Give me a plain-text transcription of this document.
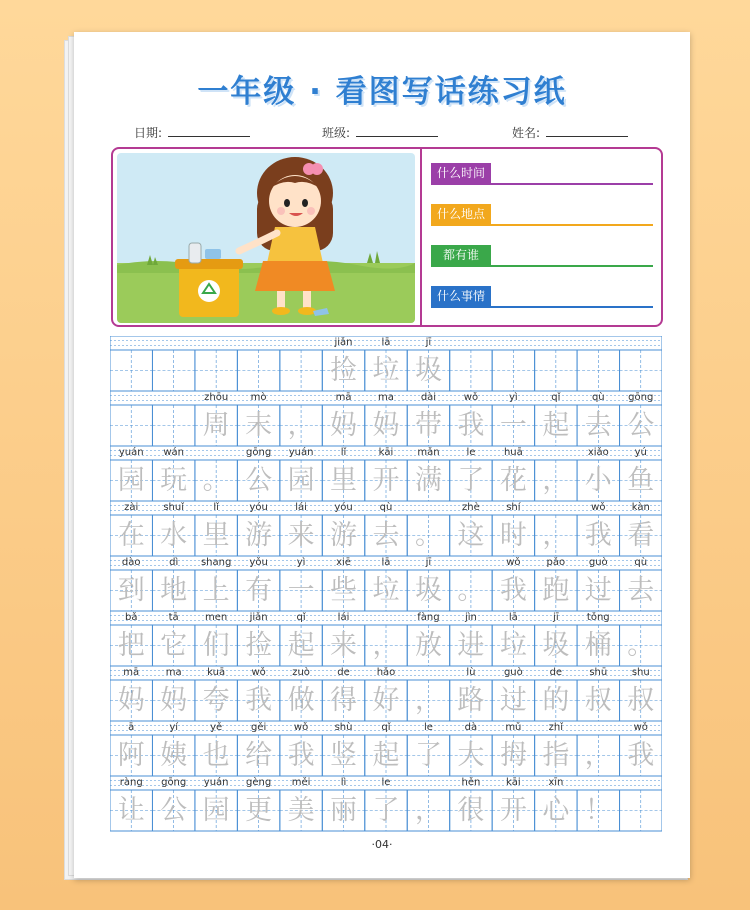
一年级 · 看图写话练习纸
日期:	班级:	姓名:
什么时间
什么地点
都有谁
什么事情
jiǎn
捡
lā
垃
jī
圾
zhōu
周
mò
末 ，
mā
妈
ma
妈
dài
带
wǒ
我
yì
一
qǐ
起
qù
去
gōng
公
yuán
园
wán
玩 。
gōng
公
yuán
园
lǐ
里
kāi
开
mǎn
满
le
了
huā
花 ，
xiǎo
小
yú
鱼
zài
在
shuǐ
水
lǐ
里
yóu
游
lái
来
yóu
游
qù
去 。
zhè
这
shí
时 ，
wǒ
我
kàn
看
dào
到
dì
地
shang
上
yǒu
有
yì
一
xiē
些
lā
垃
jī
圾 。
wǒ
我
pǎo
跑
guò
过
qù
去
bǎ
把
tā
它
men
们
jiǎn
捡
qǐ
起
lái
来 ，
fàng
放
jìn
进
lā
垃
jī
圾
tǒng
桶 。
mā
妈
ma
妈
kuā
夸
wǒ
我
zuò
做
de
得
hǎo
好 ，
lù
路
guò
过
de
的
shū
叔
shu
叔
ā
阿
yí
姨
yě
也
gěi
给
wǒ
我
shù
竖
qǐ
起
le
了
dà
大
mǔ
拇
zhǐ
指 ，
wǒ
我
ràng
让
gōng
公
yuán
园
gèng
更
měi
美
lì
丽
le
了 ，
hěn
很
kāi
开
xīn
心 ！
·04·
